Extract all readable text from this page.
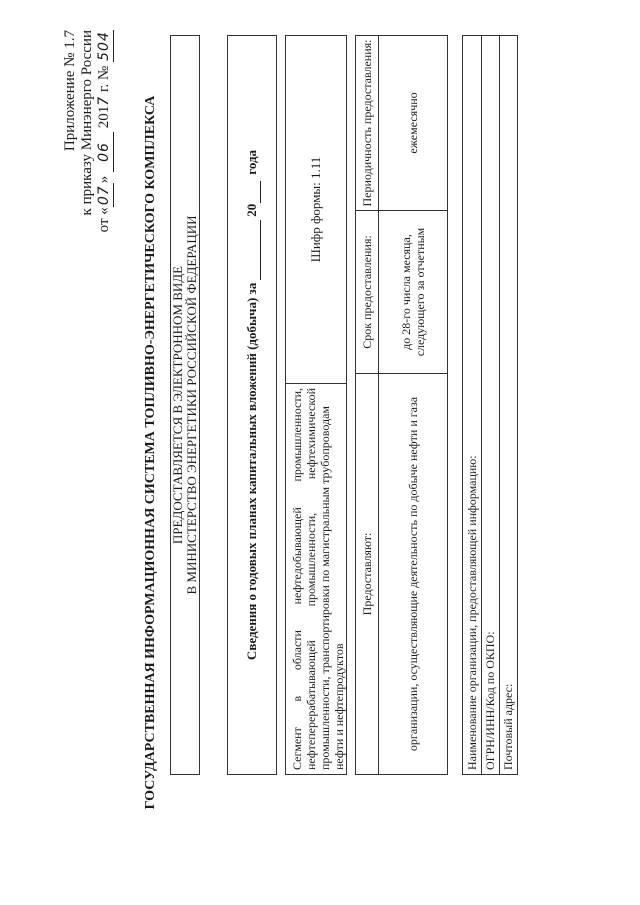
Приложение № 1.7 к приказу Минэнерго России
от «07» 06 2017 г. № 504
ГОСУДАРСТВЕННАЯ ИНФОРМАЦИОННАЯ СИСТЕМА ТОПЛИВНО-ЭНЕРГЕТИЧЕСКОГО КОМПЛЕКСА ПРЕДОСТАВЛЯЕТСЯ В ЭЛЕКТРОННОМ ВИДЕ В МИНИСТЕРСТВО ЭНЕРГЕТИКИ РОССИЙСКОЙ ФЕДЕРАЦИИ	Сведения о годовых планах капитальных вложений (добыча) за

20

года
Сегмент в области нефтедобывающей промышленности, нефтеперерабатывающей промышленности, нефтехимической промышленности, транспортировки по магистральным трубопроводам нефти и нефтепродуктов
Шифр формы: 1.11
Предоставляют:
Срок предоставления:
Периодичность предоставления:
организации, осуществляющие деятельность по добыче нефти и газа
до 28-го числа месяца, следующего за отчетным
ежемесячно
Наименование организации, предоставляющей информацию: ОГРН/ИНН/Код по ОКПО: Почтовый адрес:
